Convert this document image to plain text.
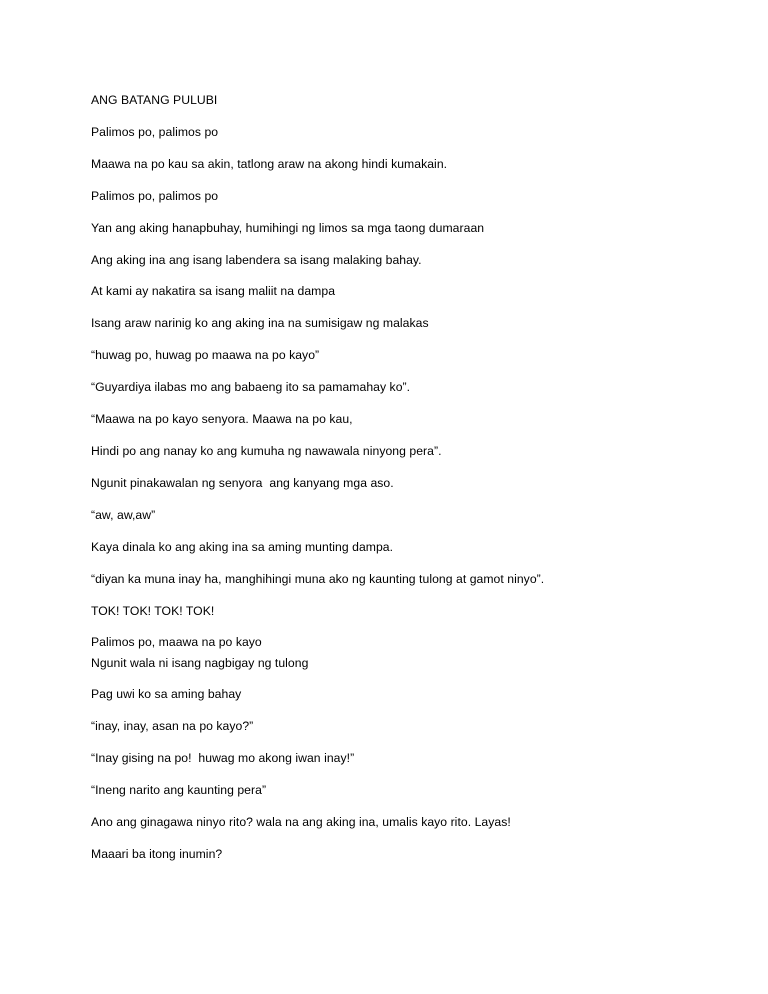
ANG BATANG PULUBI
Palimos po, palimos po
Maawa na po kau sa akin, tatlong araw na akong hindi kumakain.
Palimos po, palimos po
Yan ang aking hanapbuhay, humihingi ng limos sa mga taong dumaraan
Ang aking ina ang isang labendera sa isang malaking bahay.
At kami ay nakatira sa isang maliit na dampa
Isang araw narinig ko ang aking ina na sumisigaw ng malakas
“huwag po, huwag po maawa na po kayo”
“Guyardiya ilabas mo ang babaeng ito sa pamamahay ko”.
“Maawa na po kayo senyora. Maawa na po kau,
Hindi po ang nanay ko ang kumuha ng nawawala ninyong pera”.
Ngunit pinakawalan ng senyora  ang kanyang mga aso.
“aw, aw,aw”
Kaya dinala ko ang aking ina sa aming munting dampa.
“diyan ka muna inay ha, manghihingi muna ako ng kaunting tulong at gamot ninyo”.
TOK! TOK! TOK! TOK!
Palimos po, maawa na po kayo
Ngunit wala ni isang nagbigay ng tulong
Pag uwi ko sa aming bahay
“inay, inay, asan na po kayo?”
“Inay gising na po!  huwag mo akong iwan inay!”
“Ineng narito ang kaunting pera”
Ano ang ginagawa ninyo rito? wala na ang aking ina, umalis kayo rito. Layas!
Maaari ba itong inumin?
